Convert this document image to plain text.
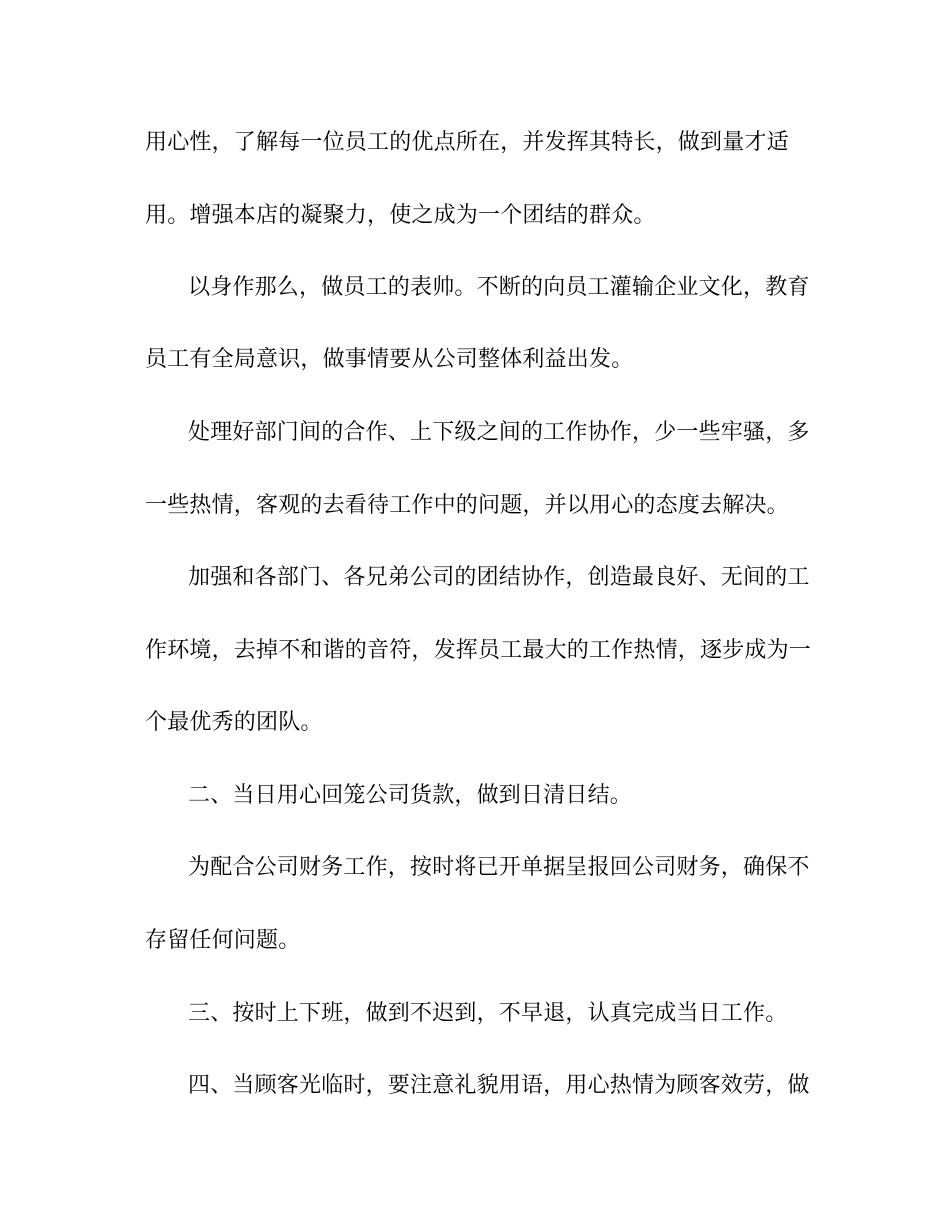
用心性，了解每一位员工的优点所在，并发挥其特长，做到量才适
用。增强本店的凝聚力，使之成为一个团结的群众。
以身作那么，做员工的表帅。不断的向员工灌输企业文化，教育
员工有全局意识，做事情要从公司整体利益出发。
处理好部门间的合作、上下级之间的工作协作，少一些牢骚，多
一些热情，客观的去看待工作中的问题，并以用心的态度去解决。
加强和各部门、各兄弟公司的团结协作，创造最良好、无间的工
作环境，去掉不和谐的音符，发挥员工最大的工作热情，逐步成为一
个最优秀的团队。
二、当日用心回笼公司货款，做到日清日结。
为配合公司财务工作，按时将已开单据呈报回公司财务，确保不
存留任何问题。
三、按时上下班，做到不迟到，不早退，认真完成当日工作。
四、当顾客光临时，要注意礼貌用语，用心热情为顾客效劳，做
